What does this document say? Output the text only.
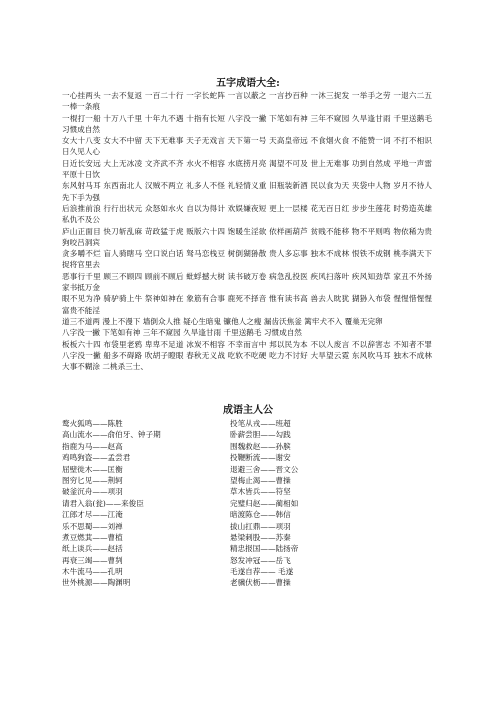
五字成语大全:

一心挂两头 一去不复返 一百二十行 一字长蛇阵 一言以蔽之 一言抄百种 一沐三捉发 一举手之劳 一退六二五 一棒一条痕

一棍打一船 十万八千里 十年九不遇 十指有长短 八字没一撇 下笔如有神 三年不窥园 久旱逢甘雨 千里送鹅毛 习惯成自然

女大十八变 女大不中留 天下无难事 天子无戏言 天下第一号 天高皇帝远 不食烟火食 不能赞一词 不打不相识 日久见人心

日近长安远 大上无冰凌 文齐武不齐 水火不相容 水底捞月亮 渴望不可及 世上无难事 功到自然成 平地一声雷 平原十日饮

东风射马耳 东西南北人 汉贼不两立 礼多人不怪 礼轻情义重 旧瓶装新酒 民以食为天 夹袋中人物 岁月不待人 先下手为强

后浪推前浪 行行出状元 众怒如水火 自以为得计 欢娱嫌夜短 更上一层楼 花无百日红 步步生莲花 时势造英雄 私仇不及公

庐山正面目 快刀斩乱麻 苛政猛于虎 贩版六十四 饱暖生淫欲 依样画葫芦 贫贱不能移 物不平则鸣 物依稀为贵 狗咬吕洞宾

贪多嚼不烂 盲人骑瞎马 空口说白话 驽马恋栈豆 树倒猢狲散 贵人多忘事 独木不成林 恨铁不成钢 桃李满天下 捉将官里去

恶事行千里 顾三不顾四 顾前不顾后 蚍蜉撼大树 读书破万卷 病急乱投医 疾风扫落叶 疾风知劲草 家丑不外扬 家书抵万金

眼不见为净 骑驴骑上牛 祭神如神在 象筋有合事 鹿死不择音 惟有读书高 兽去人眈犹 猢狲入布袋 惺惺惜惺惺 富贵不能淫

道三不道两 漫上不漫下 墙倒众人推 疑心生暗鬼 镰他人之瘦 漏齿沃焦釜 篱牢犬不入 覆巢无完卵

八字没一撇 下笔如有神 三年不窥园 久旱逢甘雨 千里送鹅毛 习惯成自然

板板六十四 布袋里老鸦 卑卑不足道 冰炭不相容 不幸而言中 邦以民为本 不以人废言 不以辞害志 不知者不罪 八字没一撇 船多不碍路 吹胡子瞪眼 春秋无义战 吃软不吃硬 吃力不讨好 大旱望云霓 东风吹马耳 独木不成林 大事不糊涂 二桃杀三士、

成语主人公
鹜火狐鸣——陈胜	投笔从戎——班超
高山流水——俞伯牙、钟子期	卧薪尝胆——勾践
指鹿为马——赵高	围魏救赵——孙膑
鸡鸣狗盗——孟尝君	投鞭断流——谢安
屈壁徙木——匡衡	退避三舍——晋文公
图穷匕见——荆轲	望梅止渴——曹操
破釜沉舟——项羽	草木皆兵——符坚
请君入翁(瓮)——来俊臣	完璧归赵——蔺相如
江郎才尽——江淹	暗渡陈仓——韩信
乐不思蜀——刘禅	拔山扛鼎——项羽
煮豆燃萁——曹植	悬梁刺股——苏秦
纸上谈兵——赵括	精忠报国——陆扬帝
再衰三竭——曹刿	怒发冲冠——岳飞
木牛流马——孔明	毛遂自荐—— 毛遂
世外桃源——陶渊明	老骥伏枥——曹操
